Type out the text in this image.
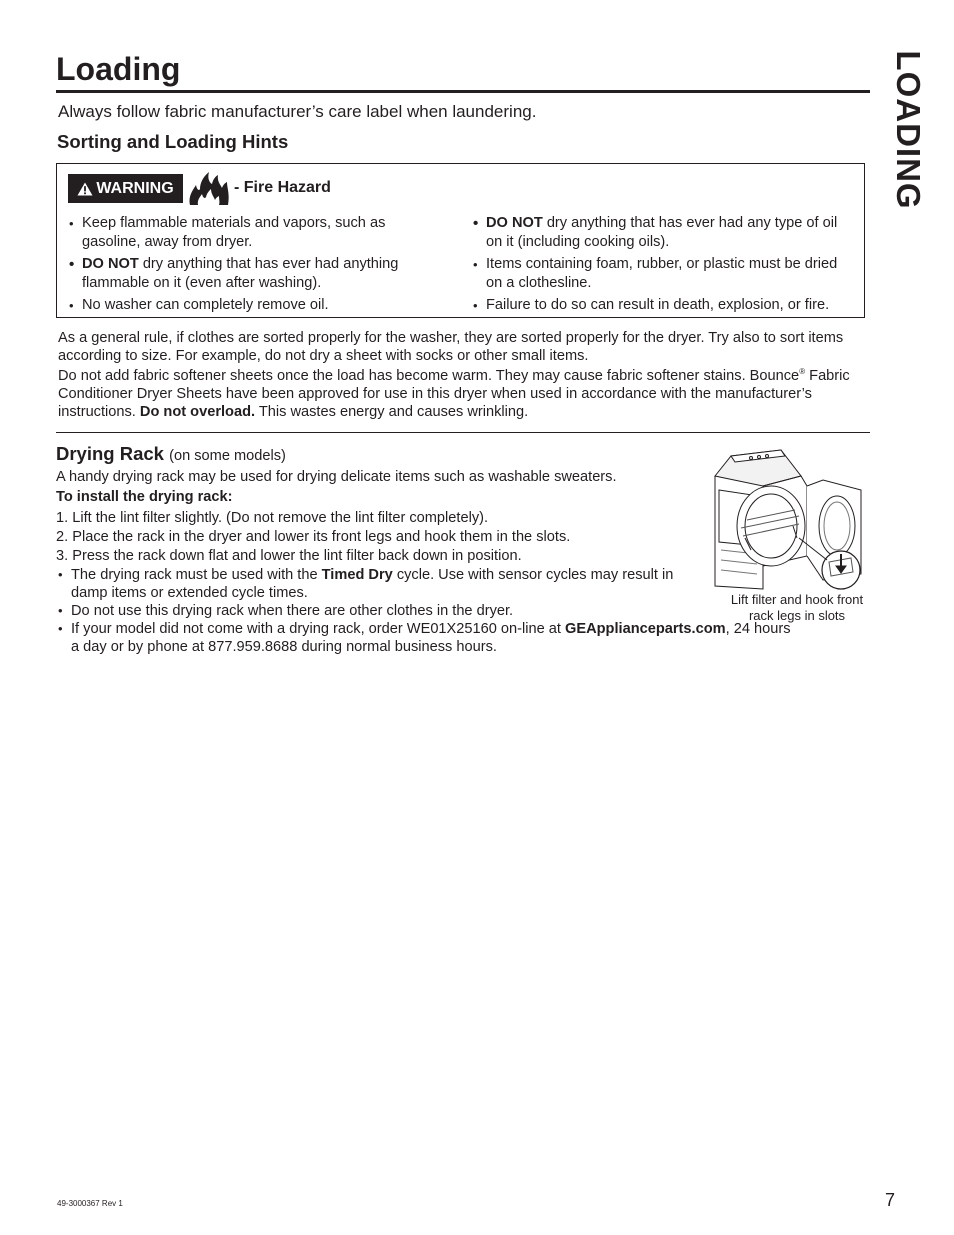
Loading	LOADING

Always follow fabric manufacturer’s care label when laundering.

Sorting and Loading Hints
WARNING	- Fire Hazard
• Keep flammable materials and vapors, such as gasoline, away from dryer.
• DO NOT dry anything that has ever had anything flammable on it (even after washing).
• No washer can completely remove oil.
• DO NOT dry anything that has ever had any type of oil on it (including cooking oils).
• Items containing foam, rubber, or plastic must be dried on a clothesline.
• Failure to do so can result in death, explosion, or fire.

As a general rule, if clothes are sorted properly for the washer, they are sorted properly for the dryer. Try also to sort items according to size. For example, do not dry a sheet with socks or other small items.

Do not add fabric softener sheets once the load has become warm. They may cause fabric softener stains. Bounce® Fabric Conditioner Dryer Sheets have been approved for use in this dryer when used in accordance with the manufacturer’s instructions. Do not overload. This wastes energy and causes wrinkling.

Drying Rack (on some models)

A handy drying rack may be used for drying delicate items such as washable sweaters.

To install the drying rack:

1. Lift the lint filter slightly. (Do not remove the lint filter completely).

2. Place the rack in the dryer and lower its front legs and hook them in the slots.

3. Press the rack down flat and lower the lint filter back down in position.

• The drying rack must be used with the Timed Dry cycle. Use with sensor cycles may result in damp items or extended cycle times.
• Do not use this drying rack when there are other clothes in the dryer.
• If your model did not come with a drying rack, order WE01X25160 on-line at GEApplianceparts.com, 24 hours a day or by phone at 877.959.8688 during normal business hours.
Lift filter and hook front
rack legs in slots
49-3000367 Rev 1	7
